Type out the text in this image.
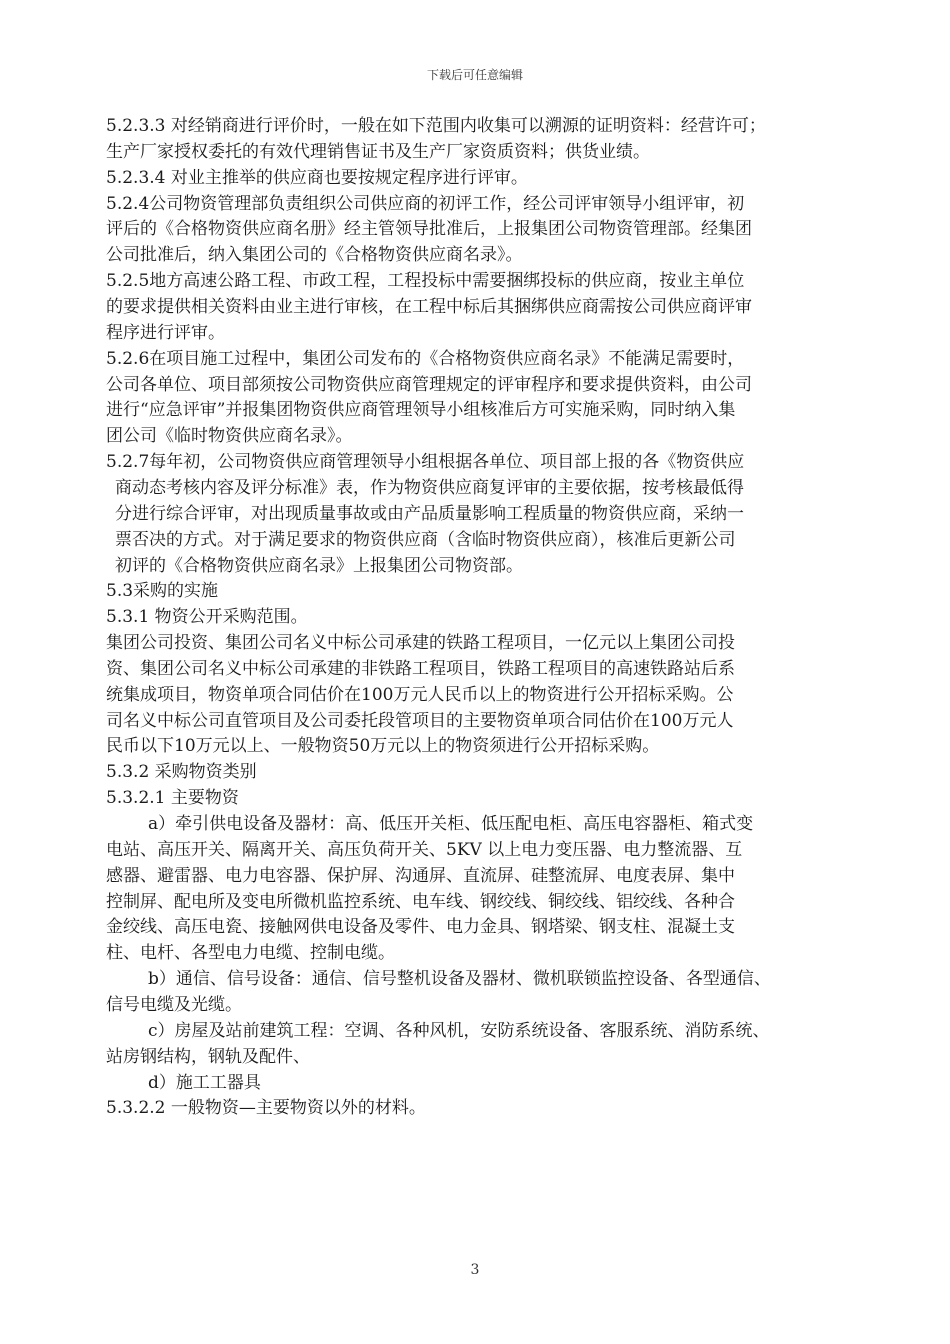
下载后可任意编辑
5.2.3.3 对经销商进行评价时，一般在如下范围内收集可以溯源的证明资料：经营许可；
生产厂家授权委托的有效代理销售证书及生产厂家资质资料；供货业绩。
5.2.3.4 对业主推举的供应商也要按规定程序进行评审。
5.2.4公司物资管理部负责组织公司供应商的初评工作，经公司评审领导小组评审，初
评后的《合格物资供应商名册》经主管领导批准后，上报集团公司物资管理部。经集团
公司批准后，纳入集团公司的《合格物资供应商名录》。
5.2.5地方高速公路工程、市政工程，工程投标中需要捆绑投标的供应商，按业主单位
的要求提供相关资料由业主进行审核，在工程中标后其捆绑供应商需按公司供应商评审
程序进行评审。
5.2.6在项目施工过程中，集团公司发布的《合格物资供应商名录》不能满足需要时，
公司各单位、项目部须按公司物资供应商管理规定的评审程序和要求提供资料，由公司
进行“应急评审”并报集团物资供应商管理领导小组核准后方可实施采购，同时纳入集
团公司《临时物资供应商名录》。
5.2.7每年初，公司物资供应商管理领导小组根据各单位、项目部上报的各《物资供应
商动态考核内容及评分标准》表，作为物资供应商复评审的主要依据，按考核最低得
分进行综合评审，对出现质量事故或由产品质量影响工程质量的物资供应商，采纳一
票否决的方式。对于满足要求的物资供应商（含临时物资供应商），核准后更新公司
初评的《合格物资供应商名录》上报集团公司物资部。
5.3采购的实施
5.3.1 物资公开采购范围。
集团公司投资、集团公司名义中标公司承建的铁路工程项目，一亿元以上集团公司投
资、集团公司名义中标公司承建的非铁路工程项目，铁路工程项目的高速铁路站后系
统集成项目，物资单项合同估价在100万元人民币以上的物资进行公开招标采购。公
司名义中标公司直管项目及公司委托段管项目的主要物资单项合同估价在100万元人
民币以下10万元以上、一般物资50万元以上的物资须进行公开招标采购。
5.3.2 采购物资类别
5.3.2.1 主要物资
a）牵引供电设备及器材：高、低压开关柜、低压配电柜、高压电容器柜、箱式变
电站、高压开关、隔离开关、高压负荷开关、5KV 以上电力变压器、电力整流器、互
感器、避雷器、电力电容器、保护屏、沟通屏、直流屏、硅整流屏、电度表屏、集中
控制屏、配电所及变电所微机监控系统、电车线、钢绞线、铜绞线、铝绞线、各种合
金绞线、高压电瓷、接触网供电设备及零件、电力金具、钢塔梁、钢支柱、混凝土支
柱、电杆、各型电力电缆、控制电缆。
b）通信、信号设备：通信、信号整机设备及器材、微机联锁监控设备、各型通信、
信号电缆及光缆。
c）房屋及站前建筑工程：空调、各种风机，安防系统设备、客服系统、消防系统、
站房钢结构，钢轨及配件、
d）施工工器具
5.3.2.2 一般物资—主要物资以外的材料。
3
